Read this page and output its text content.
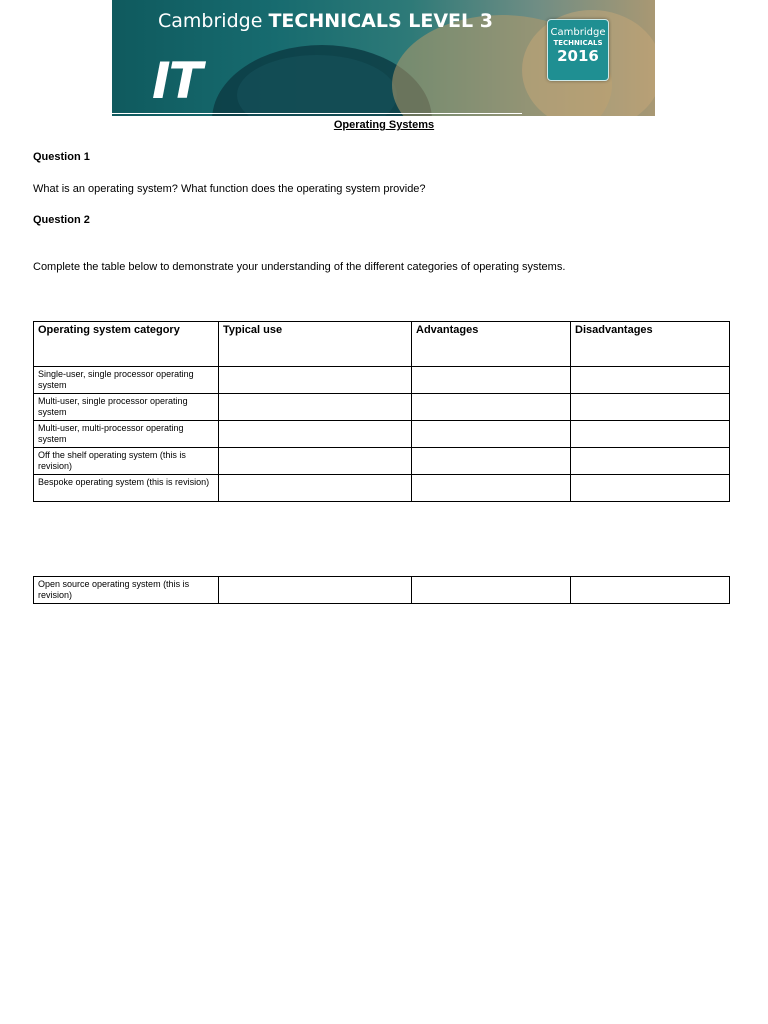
Cambridge TECHNICALS LEVEL 3
IT
Cambridge
TECHNICALS
2016
Operating Systems
Question 1
What is an operating system? What function does the operating system provide?
Question 2
Complete the table below to demonstrate your understanding of the different categories of operating systems.
Operating system category	Typical use	Advantages	Disadvantages
Single-user, single processor operating system			
Multi-user, single processor operating system			
Multi-user, multi-processor operating system			
Off the shelf operating system (this is revision)			
Bespoke operating system (this is revision)			
Open source operating system (this is revision)			
